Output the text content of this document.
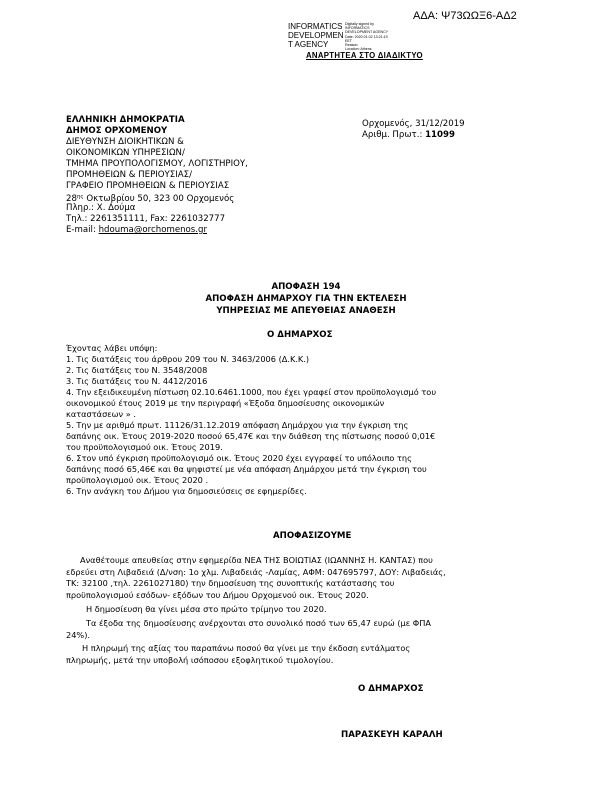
ΑΔΑ: Ψ73ΩΩΞ6-ΑΔ2
INFORMATICS
DEVELOPMEN
T AGENCY
Digitally signed by
INFORMATICS
DEVELOPMENT AGENCY
Date: 2020.01.02 13:21:19
EET
Reason:
Location: Athens
ΑΝΑΡΤΗΤΕΑ ΣΤΟ ΔΙΑΔΙΚΤΥΟ
ΕΛΛΗΝΙΚΗ ΔΗΜΟΚΡΑΤΙΑ
ΔΗΜΟΣ ΟΡΧΟΜΕΝΟΥ
ΔΙΕΥΘΥΝΣΗ ΔΙΟΙΚΗΤΙΚΩΝ &
ΟΙΚΟΝΟΜΙΚΩΝ ΥΠΗΡΕΣΙΩΝ/
ΤΜΗΜΑ ΠΡΟΥΠΟΛΟΓΙΣΜΟΥ, ΛΟΓΙΣΤΗΡΙΟΥ,
ΠΡΟΜΗΘΕΙΩΝ & ΠΕΡΙΟΥΣΙΑΣ/
ΓΡΑΦΕΙΟ ΠΡΟΜΗΘΕΙΩΝ & ΠΕΡΙΟΥΣΙΑΣ
$28^{\eta\varsigma}$ Οκτωβρίου 50, 323 00 Ορχομενός
Πληρ.: Χ. Δούμα
Τηλ.: 2261351111, Fax: 2261032777
E-mail: hdouma@orchomenos.gr
Ορχομενός, 31/12/2019
Αριθμ. Πρωτ.: 11099
ΑΠΟΦΑΣΗ 194
ΑΠΟΦΑΣΗ ΔΗΜΑΡΧΟΥ ΓΙΑ ΤΗΝ ΕΚΤΕΛΕΣΗ
ΥΠΗΡΕΣΙΑΣ ΜΕ ΑΠΕΥΘΕΙΑΣ ΑΝΑΘΕΣΗ
Ο ΔΗΜΑΡΧΟΣ
Έχοντας λάβει υπόψη:
1. Τις διατάξεις του άρθρου 209 του Ν. 3463/2006 (Δ.Κ.Κ.)
2. Τις διατάξεις του Ν. 3548/2008
3. Τις διατάξεις του Ν. 4412/2016
4. Την εξειδικευμένη πίστωση 02.10.6461.1000, που έχει γραφεί στον προϋπολογισμό του
οικονομικού έτους 2019 με την περιγραφή «Έξοδα δημοσίευσης οικονομικών
καταστάσεων » .
5. Την με αριθμό πρωτ. 11126/31.12.2019 απόφαση Δημάρχου για την έγκριση της
δαπάνης οικ. Έτους 2019-2020 ποσού 65,47€ και την διάθεση της πίστωσης ποσού 0,01€
του προϋπολογισμού οικ. Έτους 2019.
6. Στον υπό έγκριση προϋπολογισμό οικ. Έτους 2020 έχει εγγραφεί το υπόλοιπο της
δαπάνης ποσό 65,46€ και θα ψηφιστεί με νέα απόφαση Δημάρχου μετά την έγκριση του
προϋπολογισμού οικ. Έτους 2020 .
6. Την ανάγκη του Δήμου για δημοσιεύσεις σε εφημερίδες.
ΑΠΟΦΑΣΙΖΟΥΜΕ
Αναθέτουμε απευθείας στην εφημερίδα ΝΕΑ ΤΗΣ ΒΟΙΩΤΙΑΣ (ΙΩΑΝΝΗΣ Η. ΚΑΝΤΑΣ) που
εδρεύει στη Λιβαδειά (Δ/νση: 1ο χλμ. Λιβαδειάς -Λαμίας, ΑΦΜ: 047695797, ΔΟΥ: Λιβαδειάς,
ΤΚ: 32100 ,τηλ. 2261027180) την δημοσίευση της συνοπτικής κατάστασης του
προϋπολογισμού εσόδων- εξόδων του Δήμου Ορχομενού οικ. Έτους 2020.
Η δημοσίευση θα γίνει μέσα στο πρώτο τρίμηνο του 2020.
Τα έξοδα της δημοσίευσης ανέρχονται στο συνολικό ποσό των 65,47 ευρώ (με ΦΠΑ
24%).
Η πληρωμή της αξίας του παραπάνω ποσού θα γίνει με την έκδοση εντάλματος
πληρωμής, μετά την υποβολή ισόποσου εξοφλητικού τιμολογίου.
Ο ΔΗΜΑΡΧΟΣ
ΠΑΡΑΣΚΕΥΗ ΚΑΡΑΛΗ
